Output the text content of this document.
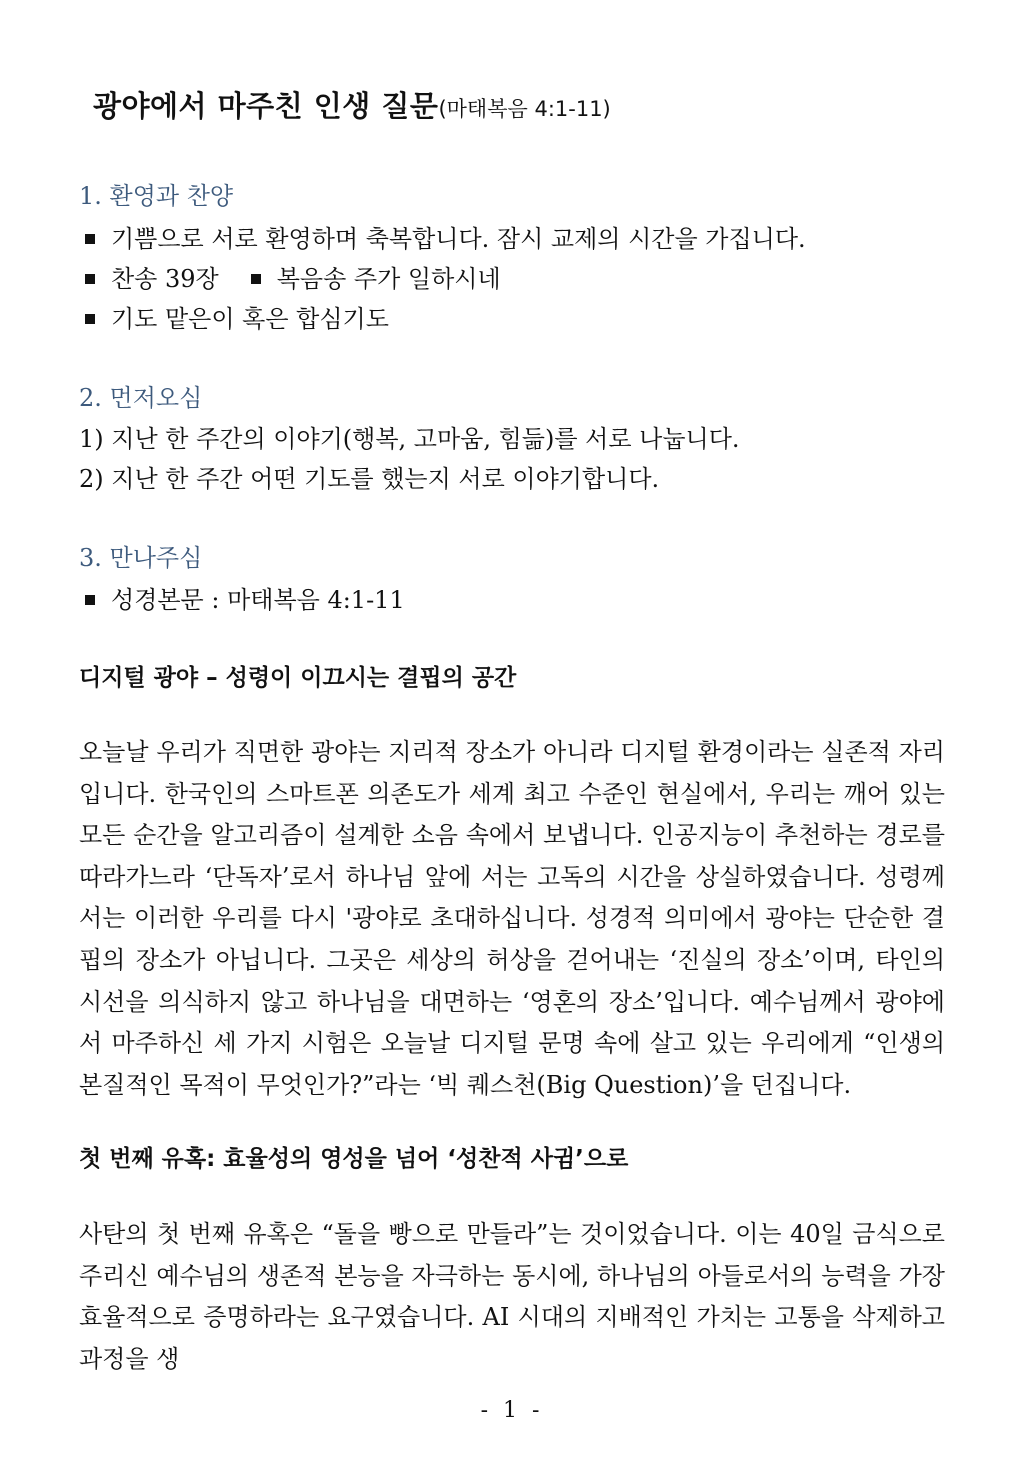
광야에서 마주친 인생 질문(마태복음 4:1-11)
1. 환영과 찬양
기쁨으로 서로 환영하며 축복합니다. 잠시 교제의 시간을 가집니다.
찬송 39장 복음송 주가 일하시네
기도 맡은이 혹은 합심기도
2. 먼저오심
1) 지난 한 주간의 이야기(행복, 고마움, 힘듦)를 서로 나눕니다.
2) 지난 한 주간 어떤 기도를 했는지 서로 이야기합니다.
3. 만나주심
성경본문 : 마태복음 4:1-11
디지털 광야 – 성령이 이끄시는 결핍의 공간
오늘날 우리가 직면한 광야는 지리적 장소가 아니라 디지털 환경이라는 실존적 자리입니다. 한국인의 스마트폰 의존도가 세계 최고 수준인 현실에서, 우리는 깨어 있는 모든 순간을 알고리즘이 설계한 소음 속에서 보냅니다. 인공지능이 추천하는 경로를 따라가느라 ‘단독자’로서 하나님 앞에 서는 고독의 시간을 상실하였습니다. 성령께서는 이러한 우리를 다시 '광야로 초대하십니다. 성경적 의미에서 광야는 단순한 결핍의 장소가 아닙니다. 그곳은 세상의 허상을 걷어내는 ‘진실의 장소’이며, 타인의 시선을 의식하지 않고 하나님을 대면하는 ‘영혼의 장소’입니다. 예수님께서 광야에서 마주하신 세 가지 시험은 오늘날 디지털 문명 속에 살고 있는 우리에게 “인생의 본질적인 목적이 무엇인가?”라는 ‘빅 퀘스천(Big Question)’을 던집니다.
첫 번째 유혹: 효율성의 영성을 넘어 ‘성찬적 사귐’으로
사탄의 첫 번째 유혹은 “돌을 빵으로 만들라”는 것이었습니다. 이는 40일 금식으로 주리신 예수님의 생존적 본능을 자극하는 동시에, 하나님의 아들로서의 능력을 가장 효율적으로 증명하라는 요구였습니다. AI 시대의 지배적인 가치는 고통을 삭제하고 과정을 생
- 1 -
